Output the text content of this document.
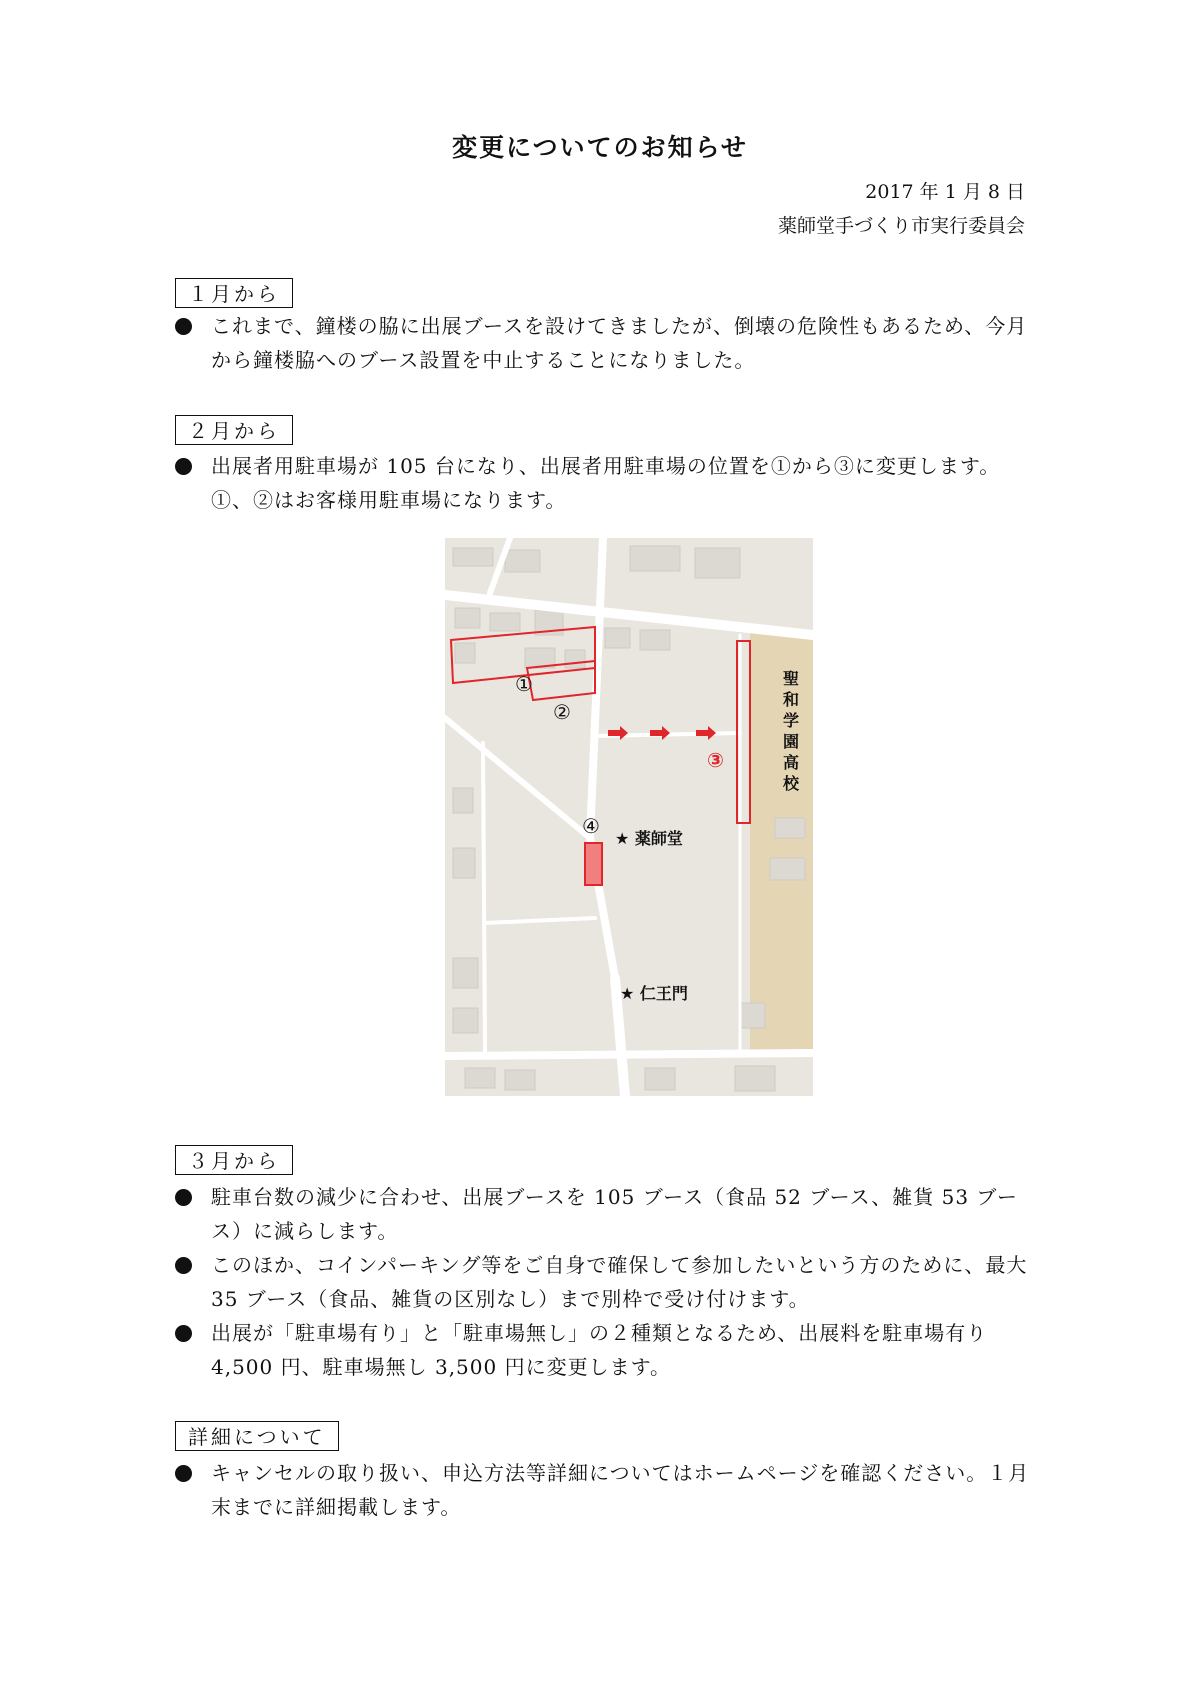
変更についてのお知らせ
2017 年 1 月 8 日
薬師堂手づくり市実行委員会
１月から
これまで、鐘楼の脇に出展ブースを設けてきましたが、倒壊の危険性もあるため、今月から鐘楼脇へのブース設置を中止することになりました。
２月から
出展者用駐車場が 105 台になり、出展者用駐車場の位置を①から③に変更します。①、②はお客様用駐車場になります。
①
②
③
④
聖和学園高校
★ 薬師堂
★ 仁王門
３月から
駐車台数の減少に合わせ、出展ブースを 105 ブース（食品 52 ブース、雑貨 53 ブース）に減らします。
このほか、コインパーキング等をご自身で確保して参加したいという方のために、最大 35 ブース（食品、雑貨の区別なし）まで別枠で受け付けます。
出展が「駐車場有り」と「駐車場無し」の２種類となるため、出展料を駐車場有り 4,500 円、駐車場無し 3,500 円に変更します。
詳細について
キャンセルの取り扱い、申込方法等詳細についてはホームページを確認ください。１月末までに詳細掲載します。
